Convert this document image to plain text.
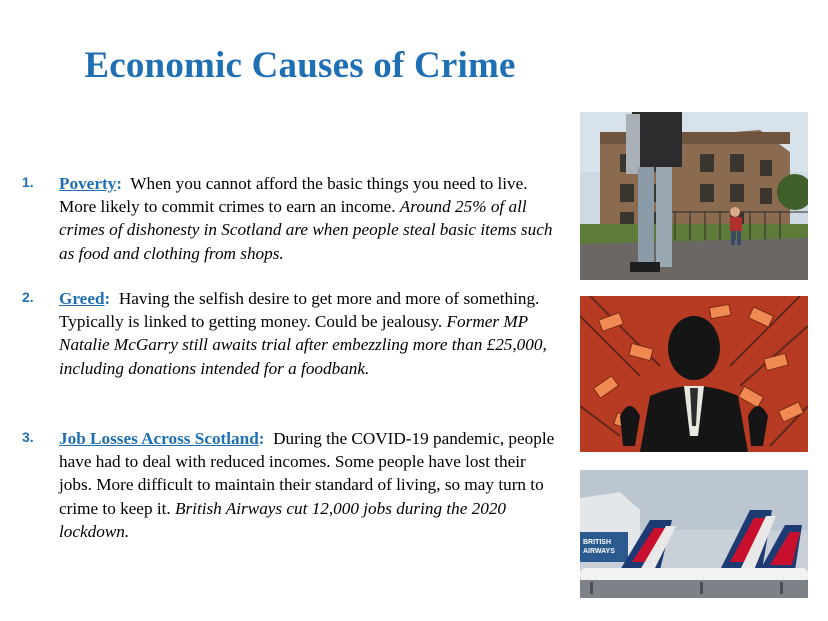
Economic Causes of Crime
1. Poverty: When you cannot afford the basic things you need to live. More likely to commit crimes to earn an income. Around 25% of all crimes of dishonesty in Scotland are when people steal basic items such as food and clothing from shops.
2. Greed: Having the selfish desire to get more and more of something. Typically is linked to getting money. Could be jealousy. Former MP Natalie McGarry still awaits trial after embezzling more than £25,000, including donations intended for a foodbank.
3. Job Losses Across Scotland: During the COVID-19 pandemic, people have had to deal with reduced incomes. Some people have lost their jobs. More difficult to maintain their standard of living, so may turn to crime to keep it. British Airways cut 12,000 jobs during the 2020 lockdown.
BRITISH
AIRWAYS
